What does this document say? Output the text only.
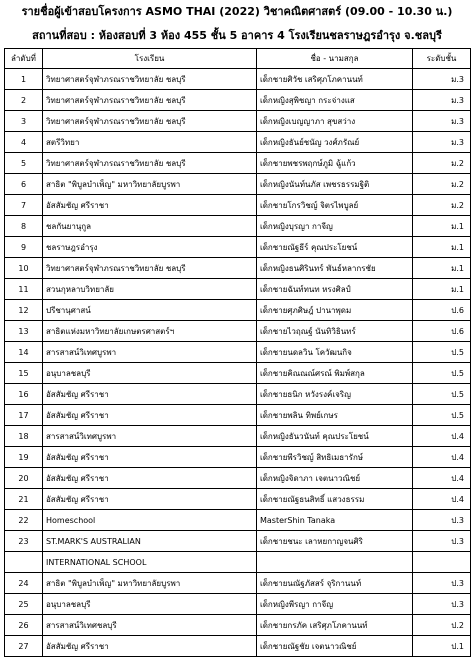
รายชื่อผู้เข้าสอบโครงการ ASMO THAI (2022) วิชาคณิตศาสตร์ (09.00 - 10.30 น.)
สถานที่สอบ : ห้องสอบที่ 3 ห้อง 455 ชั้น 5 อาคาร 4 โรงเรียนชลราษฎรอำรุง จ.ชลบุรี
ลำดับที่	โรงเรียน	ชื่อ - นามสกุล	ระดับชั้น
1	วิทยาศาสตร์จุฬาภรณราชวิทยาลัย ชลบุรี	เด็กชายศิวัช เสริศุภโภคานนท์	ม.3
2	วิทยาศาสตร์จุฬาภรณราชวิทยาลัย ชลบุรี	เด็กหญิงสุพิชญา กระจ่างแส	ม.3
3	วิทยาศาสตร์จุฬาภรณราชวิทยาลัย ชลบุรี	เด็กหญิงเบญญาภา สุขสว่าง	ม.3
4	สตรีวิทยา	เด็กหญิงธันย์ชนัญ วงศ์ภรัณย์	ม.3
5	วิทยาศาสตร์จุฬาภรณราชวิทยาลัย ชลบุรี	เด็กชายพชรพฤกษ์ภูมิ ฉู้แก้ว	ม.2
6	สาธิต "พิบูลบำเพ็ญ" มหาวิทยาลัยบูรพา	เด็กหญิงนันท์นภัส เพชรธรรมฐิติ	ม.2
7	อัสสัมชัญ ศรีราชา	เด็กชายโกรวิชญ์ จิตรไพบูลย์	ม.2
8	ชลกันยานุกูล	เด็กหญิงบุรญา กาจีญ	ม.1
9	ชลราษฎรอำรุง	เด็กชายณัฐธีร์ คุณประโยชน์	ม.1
10	วิทยาศาสตร์จุฬาภรณราชวิทยาลัย ชลบุรี	เด็กหญิงธนศิรินทร์ พันธ์หลากรชัย	ม.1
11	สวนกุหลาบวิทยาลัย	เด็กชายฉันท์ทนท หรงศิลป์	ม.1
12	ปรีชานุศาสน์	เด็กชายศุภศิษฎ์ ปานาพุดม	ป.6
13	สาธิตแห่งมหาวิทยาลัยเกษตรศาสตร์ฯ	เด็กชายไวฤณฐ์ นันทิวิธินทร์	ป.6
14	สารสาสน์วิเทศบูรพา	เด็กชายนดลวิน โควัฒนกิจ	ป.5
15	อนุบาลชลบุรี	เด็กชายคิณณณ์ศรณ์ พิมพ์สกุล	ป.5
16	อัสสัมชัญ ศรีราชา	เด็กชายธนิก หวังรงค์เจริญ	ป.5
17	อัสสัมชัญ ศรีราชา	เด็กชายพลิน ทิพย์เกษร	ป.5
18	สารสาสน์วิเทศบูรพา	เด็กหญิงธันวนันท์ คุณประโยชน์	ป.4
19	อัสสัมชัญ ศรีราชา	เด็กชายพีรวิชญ์ สิทธิเมธารักษ์	ป.4
20	อัสสัมชัญ ศรีราชา	เด็กหญิงจิดาภา เจตนาวณิชย์	ป.4
21	อัสสัมชัญ ศรีราชา	เด็กชายณัฐธนสิทธิ์ แสวงธรรม	ป.4
22	Homeschool	MasterShin Tanaka	ป.3
23	ST.MARK'S AUSTRALIAN	เด็กชายชนะ เลาหยกาญจนศิริ	ป.3
	INTERNATIONAL SCHOOL		
24	สาธิต "พิบูลบำเพ็ญ" มหาวิทยาลัยบูรพา	เด็กชายนณัฐภัสสร์ จุริกานนท์	ป.3
25	อนุบาลชลบุรี	เด็กหญิงพีรญา กาจีญ	ป.3
26	สารสาสน์วิเทศชลบุรี	เด็กชายกรภัค เสริศุภโภคานนท์	ป.2
27	อัสสัมชัญ ศรีราชา	เด็กชายณัฐชัย เจตนาวณิชย์	ป.1
